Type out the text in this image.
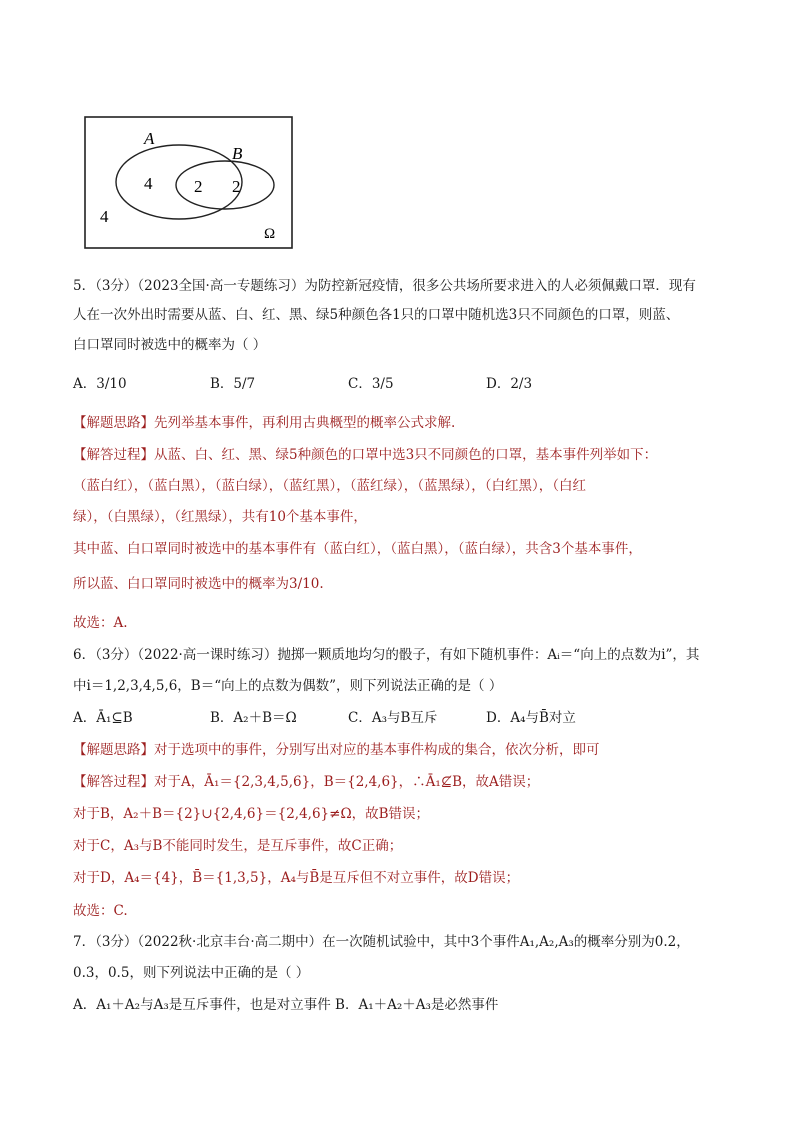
A
B
4 2 2
4
Ω
5．（3分）（2023全国·高一专题练习）为防控新冠疫情，很多公共场所要求进入的人必须佩戴口罩．现有
人在一次外出时需要从蓝、白、红、黑、绿5种颜色各1只的口罩中随机选3只不同颜色的口罩，则蓝、
白口罩同时被选中的概率为（ ）
A．3/10	B．5/7	C．3/5	D．2/3
【解题思路】先列举基本事件，再利用古典概型的概率公式求解.
【解答过程】从蓝、白、红、黑、绿5种颜色的口罩中选3只不同颜色的口罩，基本事件列举如下：
（蓝白红），（蓝白黑），（蓝白绿），（蓝红黑），（蓝红绿），（蓝黑绿），（白红黑），（白红
绿），（白黑绿），（红黑绿），共有10个基本事件，
其中蓝、白口罩同时被选中的基本事件有（蓝白红），（蓝白黑），（蓝白绿），共含3个基本事件，
所以蓝、白口罩同时被选中的概率为3/10.
故选：A.
6．（3分）（2022·高一课时练习）抛掷一颗质地均匀的骰子，有如下随机事件：Aᵢ＝“向上的点数为i”，其
中i＝1,2,3,4,5,6，B＝“向上的点数为偶数”，则下列说法正确的是（ ）
A．Ā₁⊆B	B．A₂＋B＝Ω	C．A₃与B互斥	D．A₄与B̄对立
【解题思路】对于选项中的事件，分别写出对应的基本事件构成的集合，依次分析，即可
【解答过程】对于A，Ā₁＝{2,3,4,5,6}，B＝{2,4,6}，∴Ā₁⊈B，故A错误；
对于B，A₂＋B＝{2}∪{2,4,6}＝{2,4,6}≠Ω，故B错误；
对于C，A₃与B不能同时发生，是互斥事件，故C正确；
对于D，A₄＝{4}，B̄＝{1,3,5}，A₄与B̄是互斥但不对立事件，故D错误；
故选：C.
7．（3分）（2022秋·北京丰台·高二期中）在一次随机试验中，其中3个事件A₁,A₂,A₃的概率分别为0.2，
0.3，0.5，则下列说法中正确的是（ ）
A．A₁＋A₂与A₃是互斥事件，也是对立事件 B．A₁＋A₂＋A₃是必然事件
